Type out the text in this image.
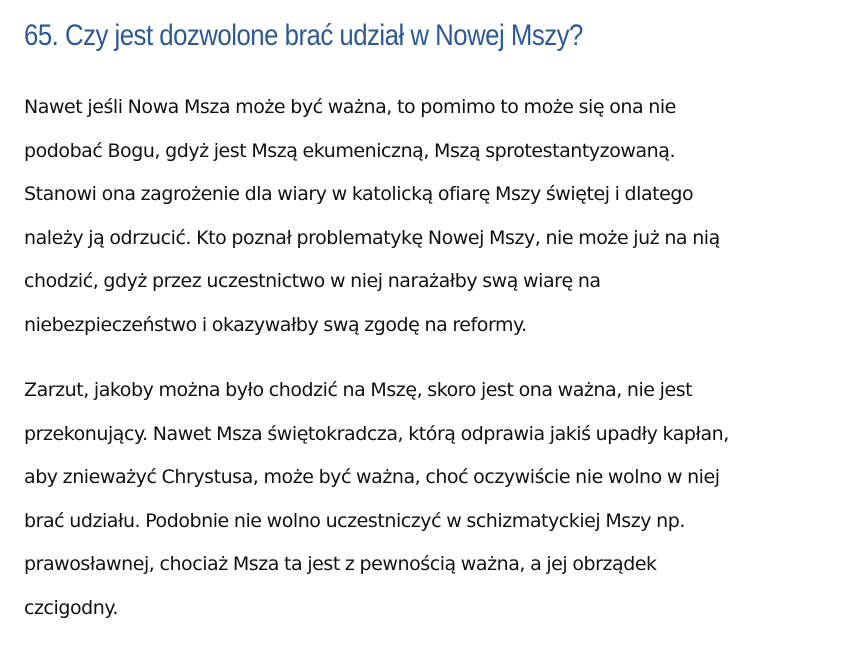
65. Czy jest dozwolone brać udział w Nowej Mszy?

Nawet jeśli Nowa Msza może być ważna, to pomimo to może się ona nie
podobać Bogu, gdyż jest Mszą ekumeniczną, Mszą sprotestantyzowaną.
Stanowi ona zagrożenie dla wiary w katolicką ofiarę Mszy świętej i dlatego
należy ją odrzucić. Kto poznał problematykę Nowej Mszy, nie może już na nią
chodzić, gdyż przez uczestnictwo w niej narażałby swą wiarę na
niebezpieczeństwo i okazywałby swą zgodę na reformy.

Zarzut, jakoby można było chodzić na Mszę, skoro jest ona ważna, nie jest
przekonujący. Nawet Msza świętokradcza, którą odprawia jakiś upadły kapłan,
aby znieważyć Chrystusa, może być ważna, choć oczywiście nie wolno w niej
brać udziału. Podobnie nie wolno uczestniczyć w schizmatyckiej Mszy np.
prawosławnej, chociaż Msza ta jest z pewnością ważna, a jej obrządek
czcigodny.
